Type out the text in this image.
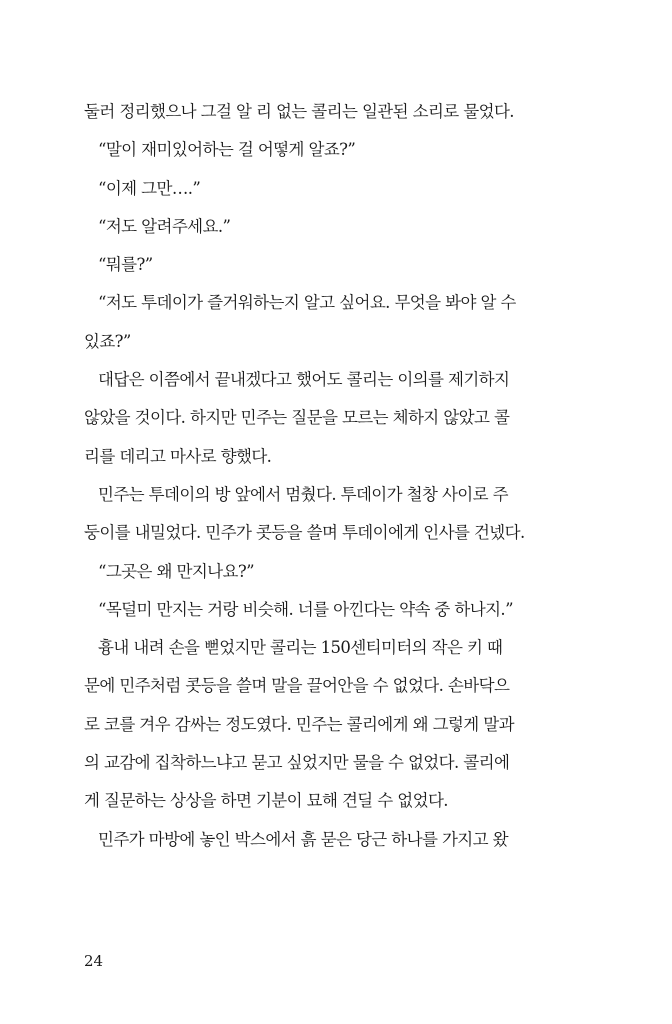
둘러 정리했으나 그걸 알 리 없는 콜리는 일관된 소리로 물었다.
“말이 재미있어하는 걸 어떻게 알죠?”
“이제 그만….”
“저도 알려주세요.”
“뭐를?”
“저도 투데이가 즐거워하는지 알고 싶어요. 무엇을 봐야 알 수
있죠?”
대답은 이쯤에서 끝내겠다고 했어도 콜리는 이의를 제기하지
않았을 것이다. 하지만 민주는 질문을 모르는 체하지 않았고 콜
리를 데리고 마사로 향했다.
민주는 투데이의 방 앞에서 멈췄다. 투데이가 철창 사이로 주
둥이를 내밀었다. 민주가 콧등을 쓸며 투데이에게 인사를 건넸다.
“그곳은 왜 만지나요?”
“목덜미 만지는 거랑 비슷해. 너를 아낀다는 약속 중 하나지.”
흉내 내려 손을 뻗었지만 콜리는 150센티미터의 작은 키 때
문에 민주처럼 콧등을 쓸며 말을 끌어안을 수 없었다. 손바닥으
로 코를 겨우 감싸는 정도였다. 민주는 콜리에게 왜 그렇게 말과
의 교감에 집착하느냐고 묻고 싶었지만 물을 수 없었다. 콜리에
게 질문하는 상상을 하면 기분이 묘해 견딜 수 없었다.
민주가 마방에 놓인 박스에서 흙 묻은 당근 하나를 가지고 왔
24
